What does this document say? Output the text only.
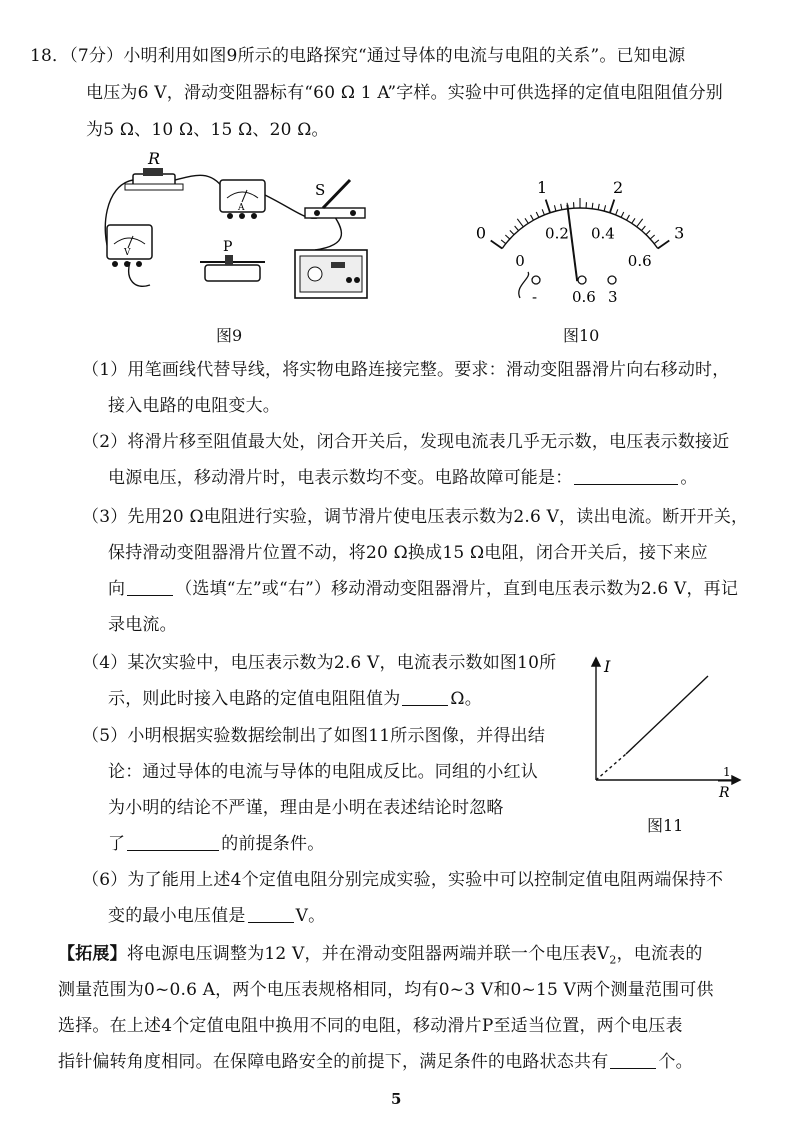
18．（7分）小明利用如图9所示的电路探究“通过导体的电流与电阻的关系”。已知电源
电压为6 V，滑动变阻器标有“60 Ω 1 A”字样。实验中可供选择的定值电阻阻值分别
为5 Ω、10 Ω、15 Ω、20 Ω。
R
A
V
S
P
图9
0
1	2
3
0
0.2 0.4
0.6
- 0.6 3
图10
（1）用笔画线代替导线，将实物电路连接完整。要求：滑动变阻器滑片向右移动时，
接入电路的电阻变大。
（2）将滑片移至阻值最大处，闭合开关后，发现电流表几乎无示数，电压表示数接近
电源电压，移动滑片时，电表示数均不变。电路故障可能是：	。
（3）先用20 Ω电阻进行实验，调节滑片使电压表示数为2.6 V，读出电流。断开开关，
保持滑动变阻器滑片位置不动，将20 Ω换成15 Ω电阻，闭合开关后，接下来应
向	（选填“左”或“右”）移动滑动变阻器滑片，直到电压表示数为2.6 V，再记
录电流。
（4）某次实验中，电压表示数为2.6 V，电流表示数如图10所
示，则此时接入电路的定值电阻阻值为	Ω。
（5）小明根据实验数据绘制出了如图11所示图像，并得出结
论：通过导体的电流与导体的电阻成反比。同组的小红认
为小明的结论不严谨，理由是小明在表述结论时忽略
了	的前提条件。
I
1
R
图11
（6）为了能用上述4个定值电阻分别完成实验，实验中可以控制定值电阻两端保持不
变的最小电压值是	V。
【拓展】将电源电压调整为12 V，并在滑动变阻器两端并联一个电压表$V_2$，电流表的
测量范围为0~0.6 A，两个电压表规格相同，均有0~3 V和0~15 V两个测量范围可供
选择。在上述4个定值电阻中换用不同的电阻，移动滑片P至适当位置，两个电压表
指针偏转角度相同。在保障电路安全的前提下，满足条件的电路状态共有	个。
5
